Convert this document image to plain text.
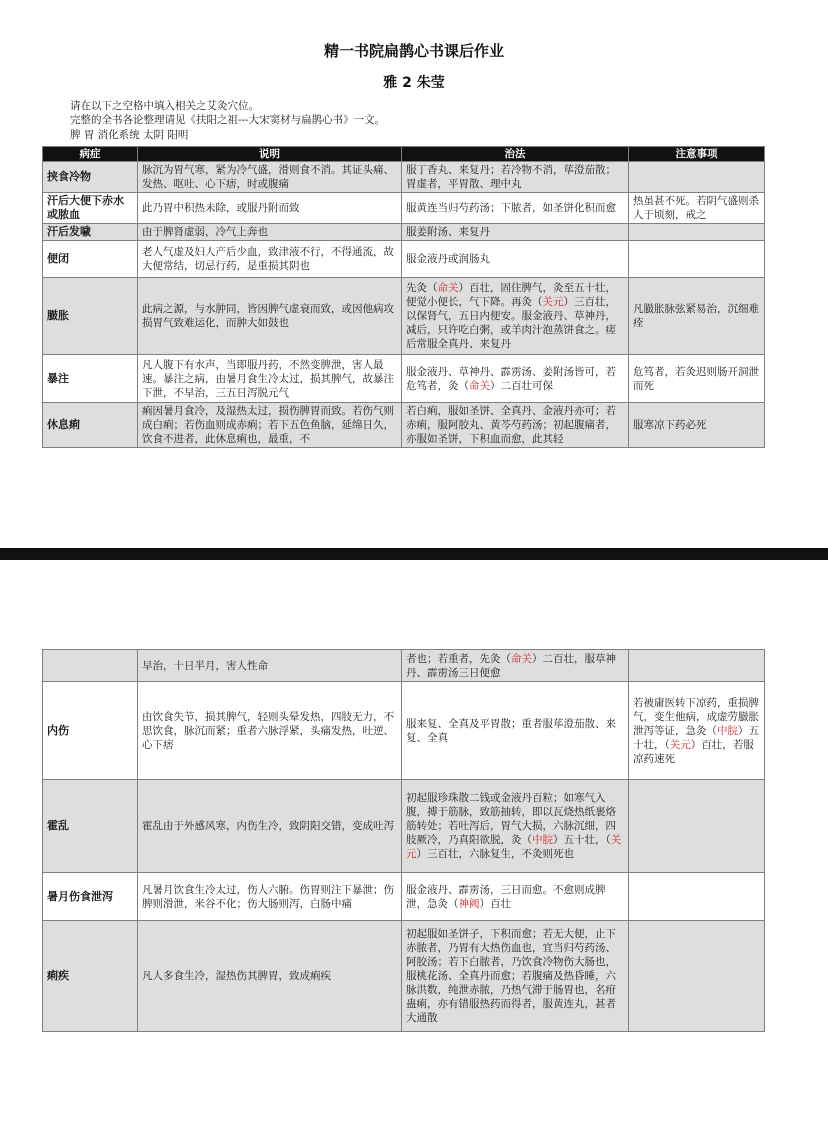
精一书院扁鹊心书课后作业
雅 2 朱莹
请在以下之空格中填入相关之艾灸穴位。
完整的全书各论整理请见《扶阳之祖---大宋窦材与扁鹊心书》一文。
脾 胃 消化系统 太阴 阳明
病症	说明	治法	注意事项

挟食冷物	脉沉为胃气寒，紧为冷气盛，滑则食不消。其证头痛、发热、呕吐、心下痞，时或腹痛	服丁香丸、来复丹；若冷物不消，荜澄茄散；胃虚者，平胃散、理中丸	

汗后大便下赤水或脓血	此乃胃中积热未除，或服丹附而致	服黄连当归芍药汤；下脓者，如圣饼化积而愈	热虽甚不死。若阴气盛则杀人于顷刻，戒之

汗后发噦	由于脾肾虚弱，冷气上奔也	服姜附汤、来复丹	

便闭	老人气虚及妇人产后少血，致津液不行，不得通流，故大便常结，切忌行药，是重损其阴也	服金液丹或润肠丸	

臌胀	此病之源，与水肿同，皆因脾气虚衰而致，或因他病攻损胃气致难运化，而肿大如鼓也	先灸（命关）百壮，固住脾气，灸至五十壮，便觉小便长，气下降。再灸（关元）三百壮，以保肾气，五日内便安。服金液丹、草神丹，减后，只许吃白粥，或羊肉汁泡蒸饼食之。瘥后常服全真丹、来复丹	凡臌胀脉弦紧易治，沉细难痊

暴注	凡人腹下有水声，当即服丹药，不然变脾泄，害人最速。暴注之病，由暑月食生冷太过，损其脾气，故暴注下泄，不早治，三五日泻脱元气	服金液丹、草神丹、霹雳汤、姜附汤皆可，若危笃者，灸（命关）二百壮可保	危笃者，若灸迟则肠开洞泄而死

休息痢	痢因暑月食冷，及湿热太过，损伤脾胃而致。若伤气则成白痢；若伤血则成赤痢；若下五色鱼脑，延绵日久，饮食不进者，此休息痢也，最重，不	若白痢，服如圣饼、全真丹、金液丹亦可；若赤痢，服阿胶丸、黄芩芍药汤；初起腹痛者，亦服如圣饼，下积血而愈，此其轻	服寒凉下药必死

	早治，十日半月，害人性命	者也；若重者，先灸（命关）二百壮，服草神丹、霹雳汤三日便愈	

内伤	由饮食失节，损其脾气，轻则头晕发热，四肢无力，不思饮食，脉沉而紧；重者六脉浮紧，头痛发热，吐逆、心下痞	服来复、全真及平胃散；重者服荜澄茄散、来复、全真	若被庸医转下凉药，重损脾气，变生他病，成虚劳臌胀泄泻等证，急灸（中脘）五十壮，（关元）百壮，若服凉药速死

霍乱	霍乱由于外感风寒，内伤生冷，致阴阳交错，变成吐泻	初起服珍珠散二钱或金液丹百粒；如寒气入腹，搏于筋脉，致筋抽转，即以瓦烧热纸裹烙筋转处；若吐泻后，胃气大损，六脉沉细，四肢厥冷，乃真阳欲脱，灸（中脘）五十壮，（关元）三百壮，六脉复生，不灸则死也	

暑月伤食泄泻	凡暑月饮食生冷太过，伤人六腑。伤胃则注下暴泄；伤脾则滑泄，米谷不化；伤大肠则泻，白肠中痛	服金液丹、霹雳汤，三日而愈。不愈则成脾泄，急灸（神阙）百壮	

痢疾	凡人多食生冷，湿热伤其脾胃，致成痢疾	初起服如圣饼子，下积而愈；若无大便，止下赤脓者，乃胃有大热伤血也，宜当归芍药汤、阿胶汤；若下白脓者，乃饮食冷物伤大肠也，服桃花汤、全真丹而愈；若腹痛及热昏睡，六脉洪数，纯泄赤脓，乃热气滞于肠胃也，名疳蛊痢，亦有错服热药而得者，服黄连丸，甚者大通散	
